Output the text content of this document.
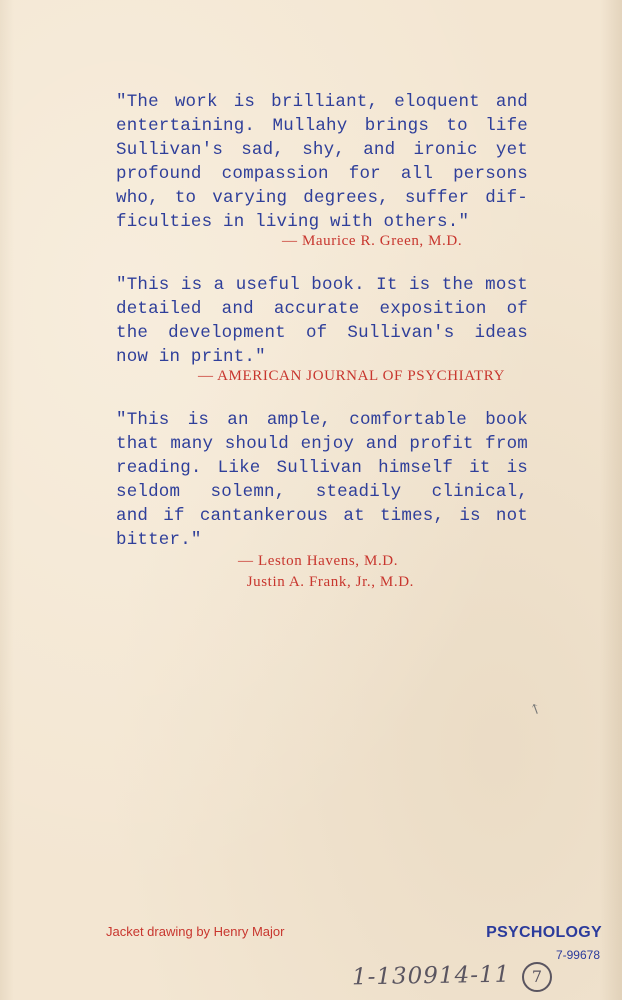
"The work is brilliant, eloquent and
entertaining. Mullahy brings to life
Sullivan's sad, shy, and ironic yet
profound compassion for all persons
who, to varying degrees, suffer dif-
ficulties in living with others."
— Maurice R. Green, M.D.
"This is a useful book. It is the most
detailed and accurate exposition of
the development of Sullivan's ideas
now in print."
— AMERICAN JOURNAL OF PSYCHIATRY
"This is an ample, comfortable book
that many should enjoy and profit from
reading. Like Sullivan himself it is
seldom solemn, steadily clinical,
and if cantankerous at times, is not
bitter."
— Leston Havens, M.D.
Justin A. Frank, Jr., M.D.
↑
Jacket drawing by Henry Major	PSYCHOLOGY
7-99678
1-130914-11	7
